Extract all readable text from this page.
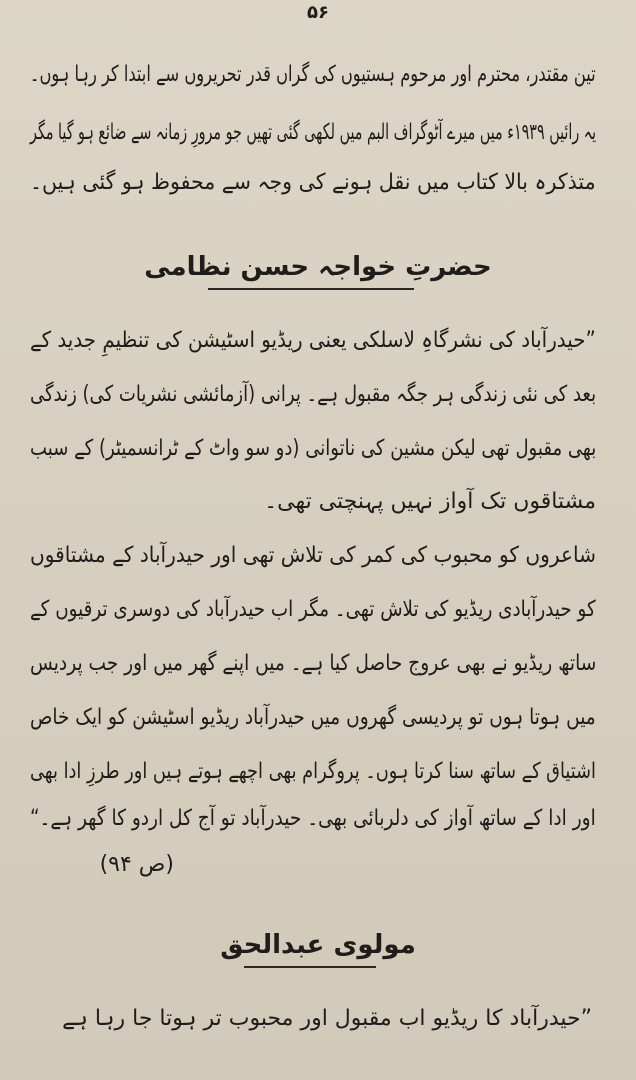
۵۶
تین مقتدر، محترم اور مرحوم ہستیوں کی گراں قدر تحریروں سے ابتدا کر رہا ہوں۔
یہ رائیں ۱۹۳۹ء میں میرے آٹوگراف البم میں لکھی گئی تھیں جو مرورِ زمانہ سے ضائع ہو گیا مگر
متذکرہ بالا کتاب میں نقل ہونے کی وجہ سے محفوظ ہو گئی ہیں۔
حضرتِ خواجہ حسن نظامی
”حیدرآباد کی نشرگاہِ لاسلکی یعنی ریڈیو اسٹیشن کی تنظیمِ جدید کے
بعد کی نئی زندگی ہر جگہ مقبول ہے۔ پرانی (آزمائشی نشریات کی) زندگی
بھی مقبول تھی لیکن مشین کی ناتوانی (دو سو واٹ کے ٹرانسمیٹر) کے سبب
مشتاقوں تک آواز نہیں پہنچتی تھی۔
شاعروں کو محبوب کی کمر کی تلاش تھی اور حیدرآباد کے مشتاقوں
کو حیدرآبادی ریڈیو کی تلاش تھی۔ مگر اب حیدرآباد کی دوسری ترقیوں کے
ساتھ ریڈیو نے بھی عروج حاصل کیا ہے۔ میں اپنے گھر میں اور جب پردیس
میں ہوتا ہوں تو پردیسی گھروں میں حیدرآباد ریڈیو اسٹیشن کو ایک خاص
اشتیاق کے ساتھ سنا کرتا ہوں۔ پروگرام بھی اچھے ہوتے ہیں اور طرزِ ادا بھی
اور ادا کے ساتھ آواز کی دلربائی بھی۔ حیدرآباد تو آج کل اردو کا گھر ہے۔“
(ص ۹۴)
مولوی عبدالحق
”حیدرآباد کا ریڈیو اب مقبول اور محبوب تر ہوتا جا رہا ہے
